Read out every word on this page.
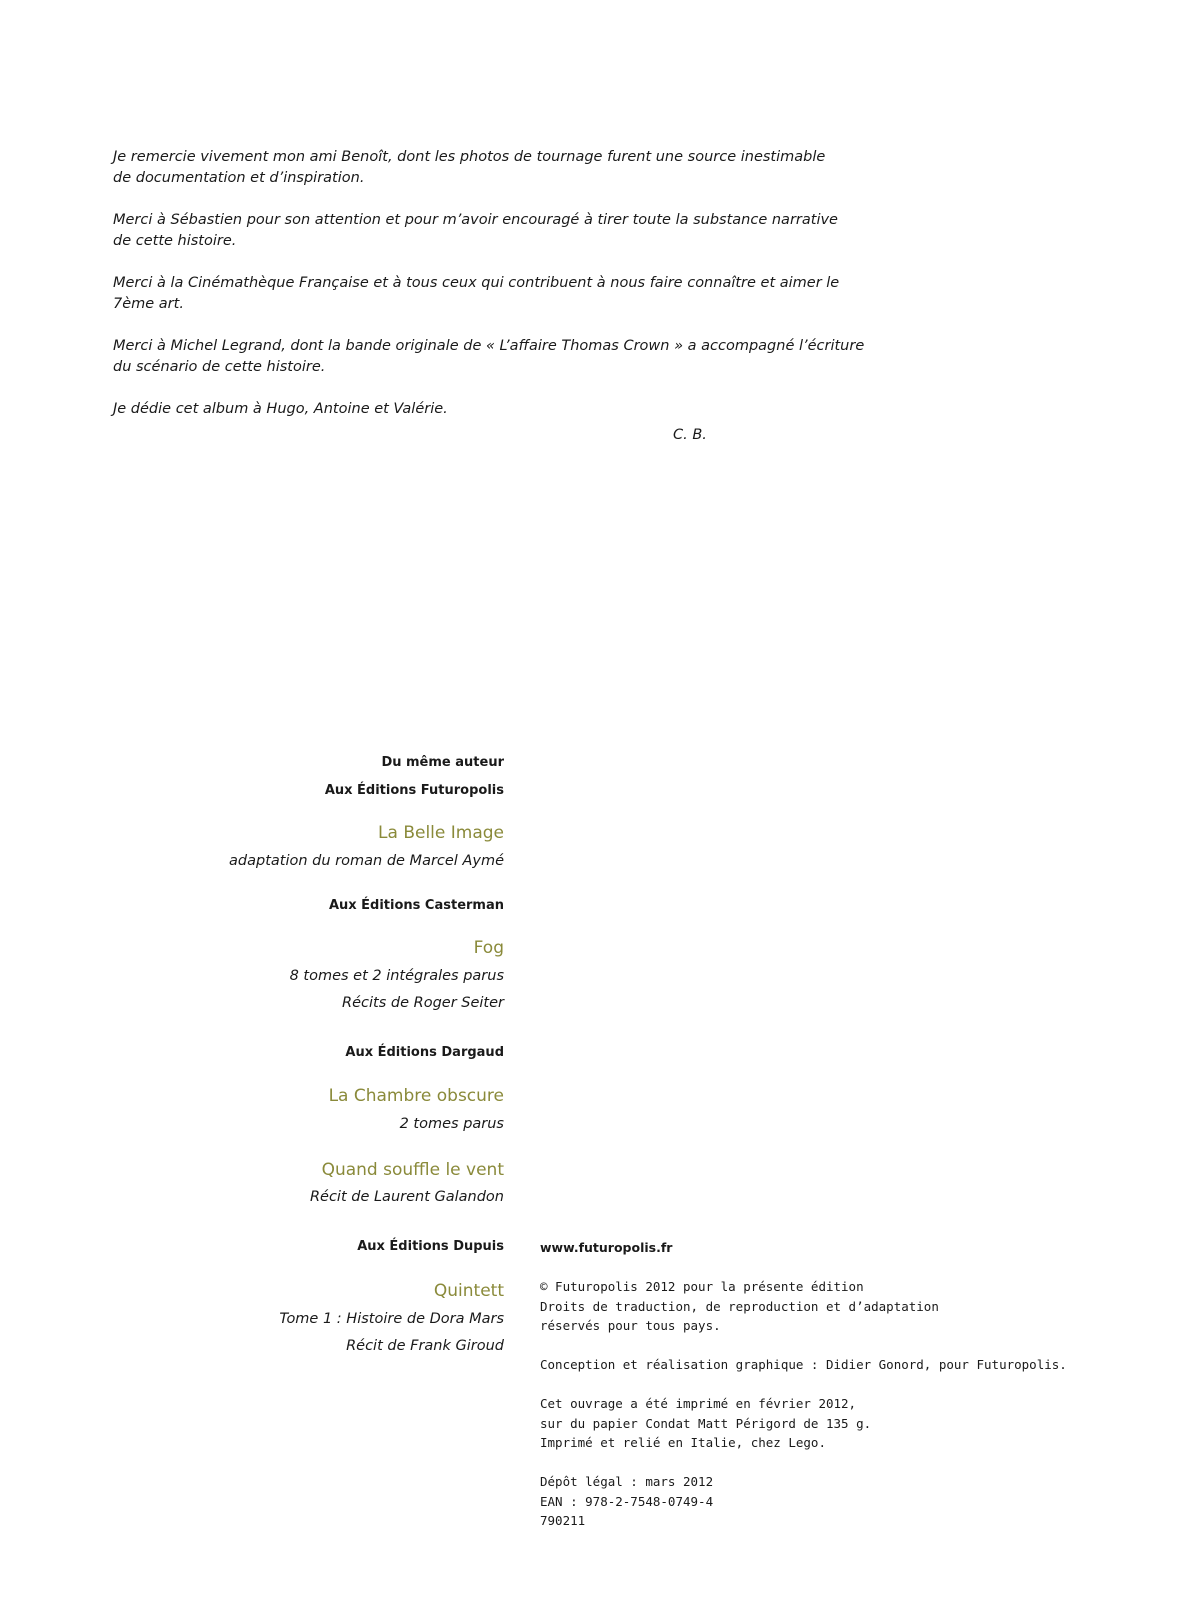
Je remercie vivement mon ami Benoît, dont les photos de tournage furent une source inestimable
de documentation et d’inspiration.

Merci à Sébastien pour son attention et pour m’avoir encouragé à tirer toute la substance narrative
de cette histoire.

Merci à la Cinémathèque Française et à tous ceux qui contribuent à nous faire connaître et aimer le 7ème art.

Merci à Michel Legrand, dont la bande originale de « L’affaire Thomas Crown » a accompagné l’écriture
du scénario de cette histoire.

Je dédie cet album à Hugo, Antoine et Valérie.

C. B.
Du même auteur
Aux Éditions Futuropolis
La Belle Image
adaptation du roman de Marcel Aymé
Aux Éditions Casterman
Fog
8 tomes et 2 intégrales parus
Récits de Roger Seiter
Aux Éditions Dargaud
La Chambre obscure
2 tomes parus
Quand souffle le vent
Récit de Laurent Galandon
Aux Éditions Dupuis
Quintett
Tome 1 : Histoire de Dora Mars
Récit de Frank Giroud

www.futuropolis.fr

© Futuropolis 2012 pour la présente édition
Droits de traduction, de reproduction et d’adaptation
réservés pour tous pays.

Conception et réalisation graphique : Didier Gonord, pour Futuropolis.

Cet ouvrage a été imprimé en février 2012,
sur du papier Condat Matt Périgord de 135 g.
Imprimé et relié en Italie, chez Lego.

Dépôt légal : mars 2012
EAN : 978-2-7548-0749-4
790211
